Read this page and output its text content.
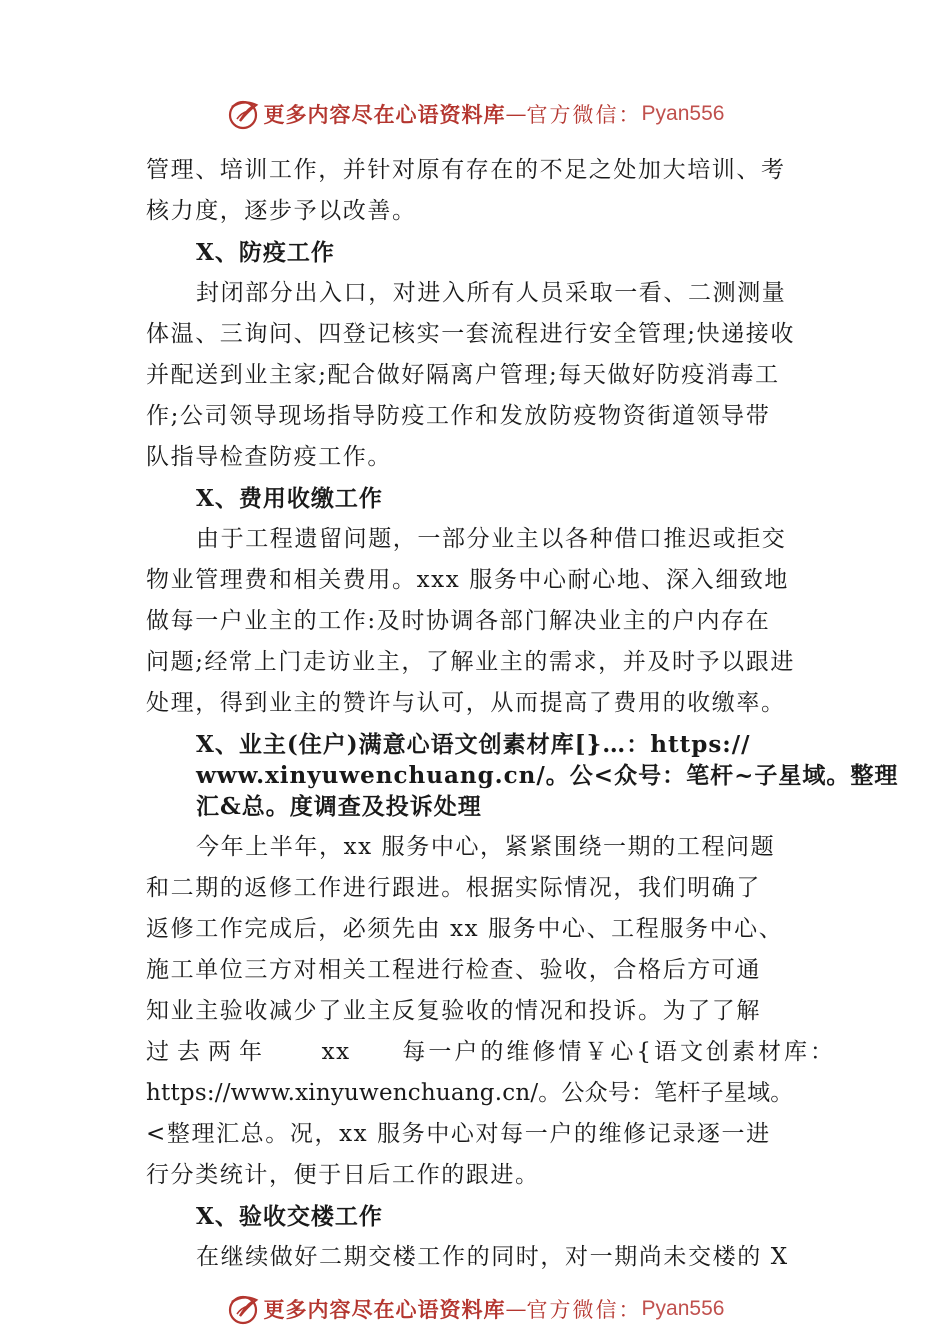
更多内容尽在心语资料库 — 官方微信： Pyan556
管理、培训工作，并针对原有存在的不足之处加大培训、考
核力度，逐步予以改善。
X、防疫工作
封闭部分出入口，对进入所有人员采取一看、二测测量
体温、三询问、四登记核实一套流程进行安全管理;快递接收
并配送到业主家;配合做好隔离户管理;每天做好防疫消毒工
作;公司领导现场指导防疫工作和发放防疫物资街道领导带
队指导检查防疫工作。
X、费用收缴工作
由于工程遗留问题，一部分业主以各种借口推迟或拒交
物业管理费和相关费用。xxx 服务中心耐心地、深入细致地
做每一户业主的工作:及时协调各部门解决业主的户内存在
问题;经常上门走访业主，了解业主的需求，并及时予以跟进
处理，得到业主的赞许与认可，从而提高了费用的收缴率。
X、业主(住户)满意心语文创素材库[}…：https://
www.xinyuwenchuang.cn/。公<众号：笔杆~子星域。整理
汇&总。度调查及投诉处理
今年上半年，xx 服务中心，紧紧围绕一期的工程问题
和二期的返修工作进行跟进。根据实际情况，我们明确了
返修工作完成后，必须先由 xx 服务中心、工程服务中心、
施工单位三方对相关工程进行检查、验收，合格后方可通
知业主验收减少了业主反复验收的情况和投诉。为了了解
过去两年 xx 每一户的维修情￥心{语文创素材库：
https://www.xinyuwenchuang.cn/。公众号：笔杆子星域。
<整理汇总。况，xx 服务中心对每一户的维修记录逐一进
行分类统计，便于日后工作的跟进。
X、验收交楼工作
在继续做好二期交楼工作的同时，对一期尚未交楼的 X
更多内容尽在心语资料库 — 官方微信： Pyan556
